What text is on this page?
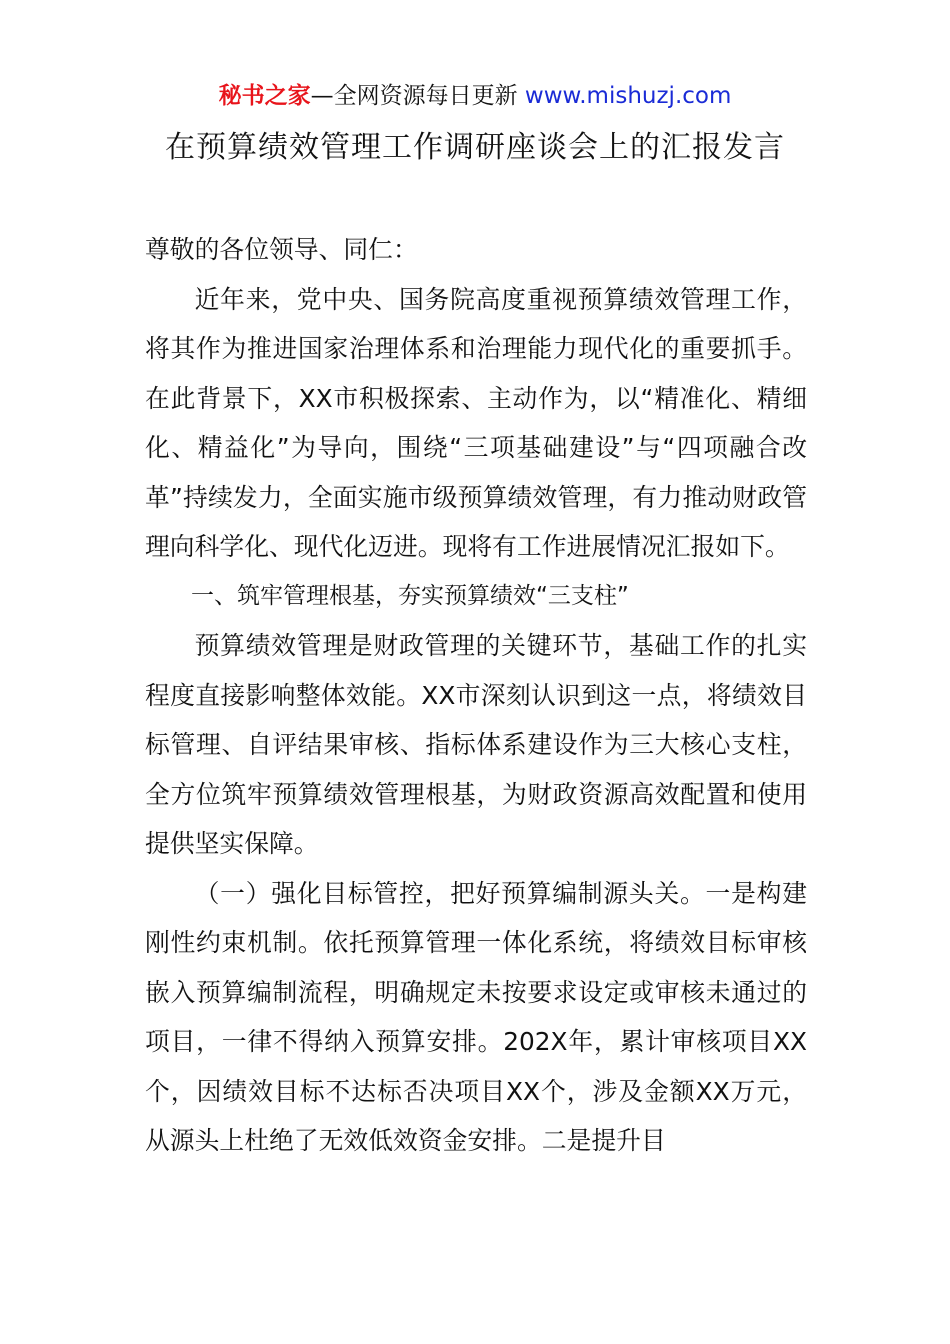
秘书之家—全网资源每日更新 www.mishuzj.com
在预算绩效管理工作调研座谈会上的汇报发言

尊敬的各位领导、同仁：

近年来，党中央、国务院高度重视预算绩效管理工作，将其作为推进国家治理体系和治理能力现代化的重要抓手。在此背景下，XX市积极探索、主动作为，以“精准化、精细化、精益化”为导向，围绕“三项基础建设”与“四项融合改革”持续发力，全面实施市级预算绩效管理，有力推动财政管理向科学化、现代化迈进。现将有工作进展情况汇报如下。

一、筑牢管理根基，夯实预算绩效“三支柱”

预算绩效管理是财政管理的关键环节，基础工作的扎实程度直接影响整体效能。XX市深刻认识到这一点，将绩效目标管理、自评结果审核、指标体系建设作为三大核心支柱，全方位筑牢预算绩效管理根基，为财政资源高效配置和使用提供坚实保障。

（一）强化目标管控，把好预算编制源头关。一是构建刚性约束机制。依托预算管理一体化系统，将绩效目标审核嵌入预算编制流程，明确规定未按要求设定或审核未通过的项目，一律不得纳入预算安排。202X年，累计审核项目XX个，因绩效目标不达标否决项目XX个，涉及金额XX万元，从源头上杜绝了无效低效资金安排。二是提升目
